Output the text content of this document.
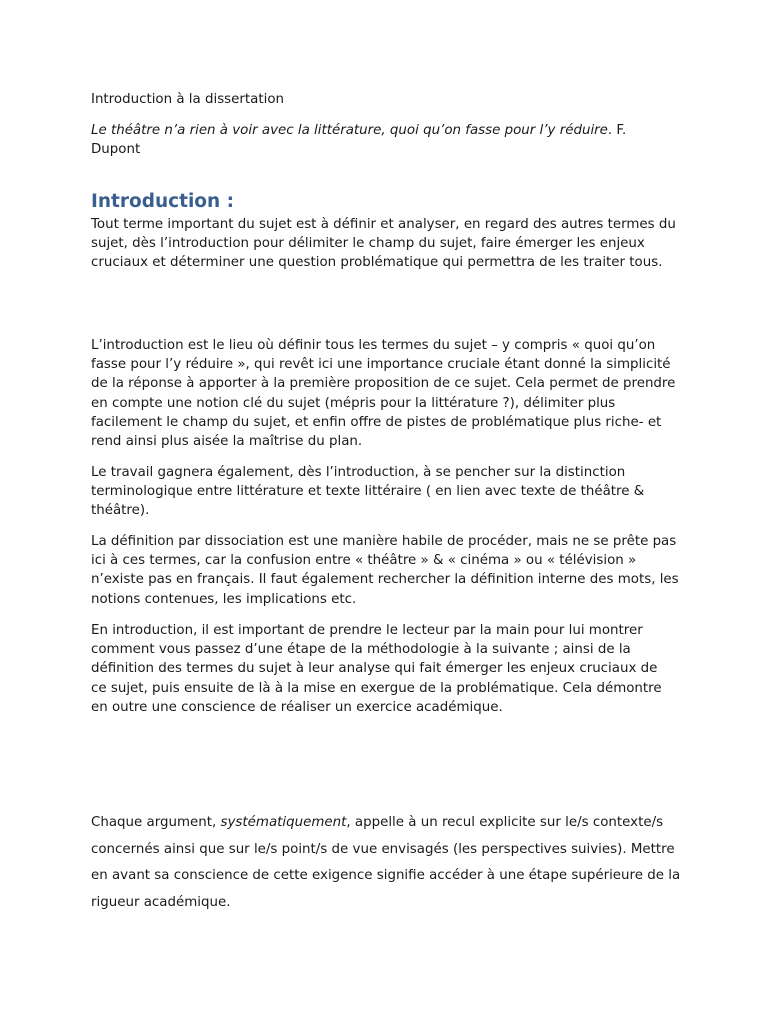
Introduction à la dissertation

Le théâtre n’a rien à voir avec la littérature, quoi qu’on fasse pour l’y réduire. F. Dupont

Introduction :

Tout terme important du sujet est à définir et analyser, en regard des autres termes du sujet, dès l’introduction pour délimiter le champ du sujet, faire émerger les enjeux cruciaux et déterminer une question problématique qui permettra de les traiter tous.

L’introduction est le lieu où définir tous les termes du sujet – y compris « quoi qu’on fasse pour l’y réduire », qui revêt ici une importance cruciale étant donné la simplicité de la réponse à apporter à la première proposition de ce sujet. Cela permet de prendre en compte une notion clé du sujet (mépris pour la littérature ?), délimiter plus facilement le champ du sujet, et enfin offre de pistes de problématique plus riche- et rend ainsi plus aisée la maîtrise du plan.

Le travail gagnera également, dès l’introduction, à se pencher sur la distinction terminologique entre littérature et texte littéraire ( en lien avec texte de théâtre & théâtre).

La définition par dissociation est une manière habile de procéder, mais ne se prête pas ici à ces termes, car la confusion entre « théâtre » & « cinéma » ou « télévision » n’existe pas en français. Il faut également rechercher la définition interne des mots, les notions contenues, les implications etc.

En introduction, il est important de prendre le lecteur par la main pour lui montrer comment vous passez d’une étape de la méthodologie à la suivante ; ainsi de la définition des termes du sujet à leur analyse qui fait émerger les enjeux cruciaux de ce sujet, puis ensuite de là à la mise en exergue de la problématique. Cela démontre en outre une conscience de réaliser un exercice académique.

Chaque argument, systématiquement, appelle à un recul explicite sur le/s contexte/s concernés ainsi que sur le/s point/s de vue envisagés (les perspectives suivies). Mettre en avant sa conscience de cette exigence signifie accéder à une étape supérieure de la rigueur académique.
